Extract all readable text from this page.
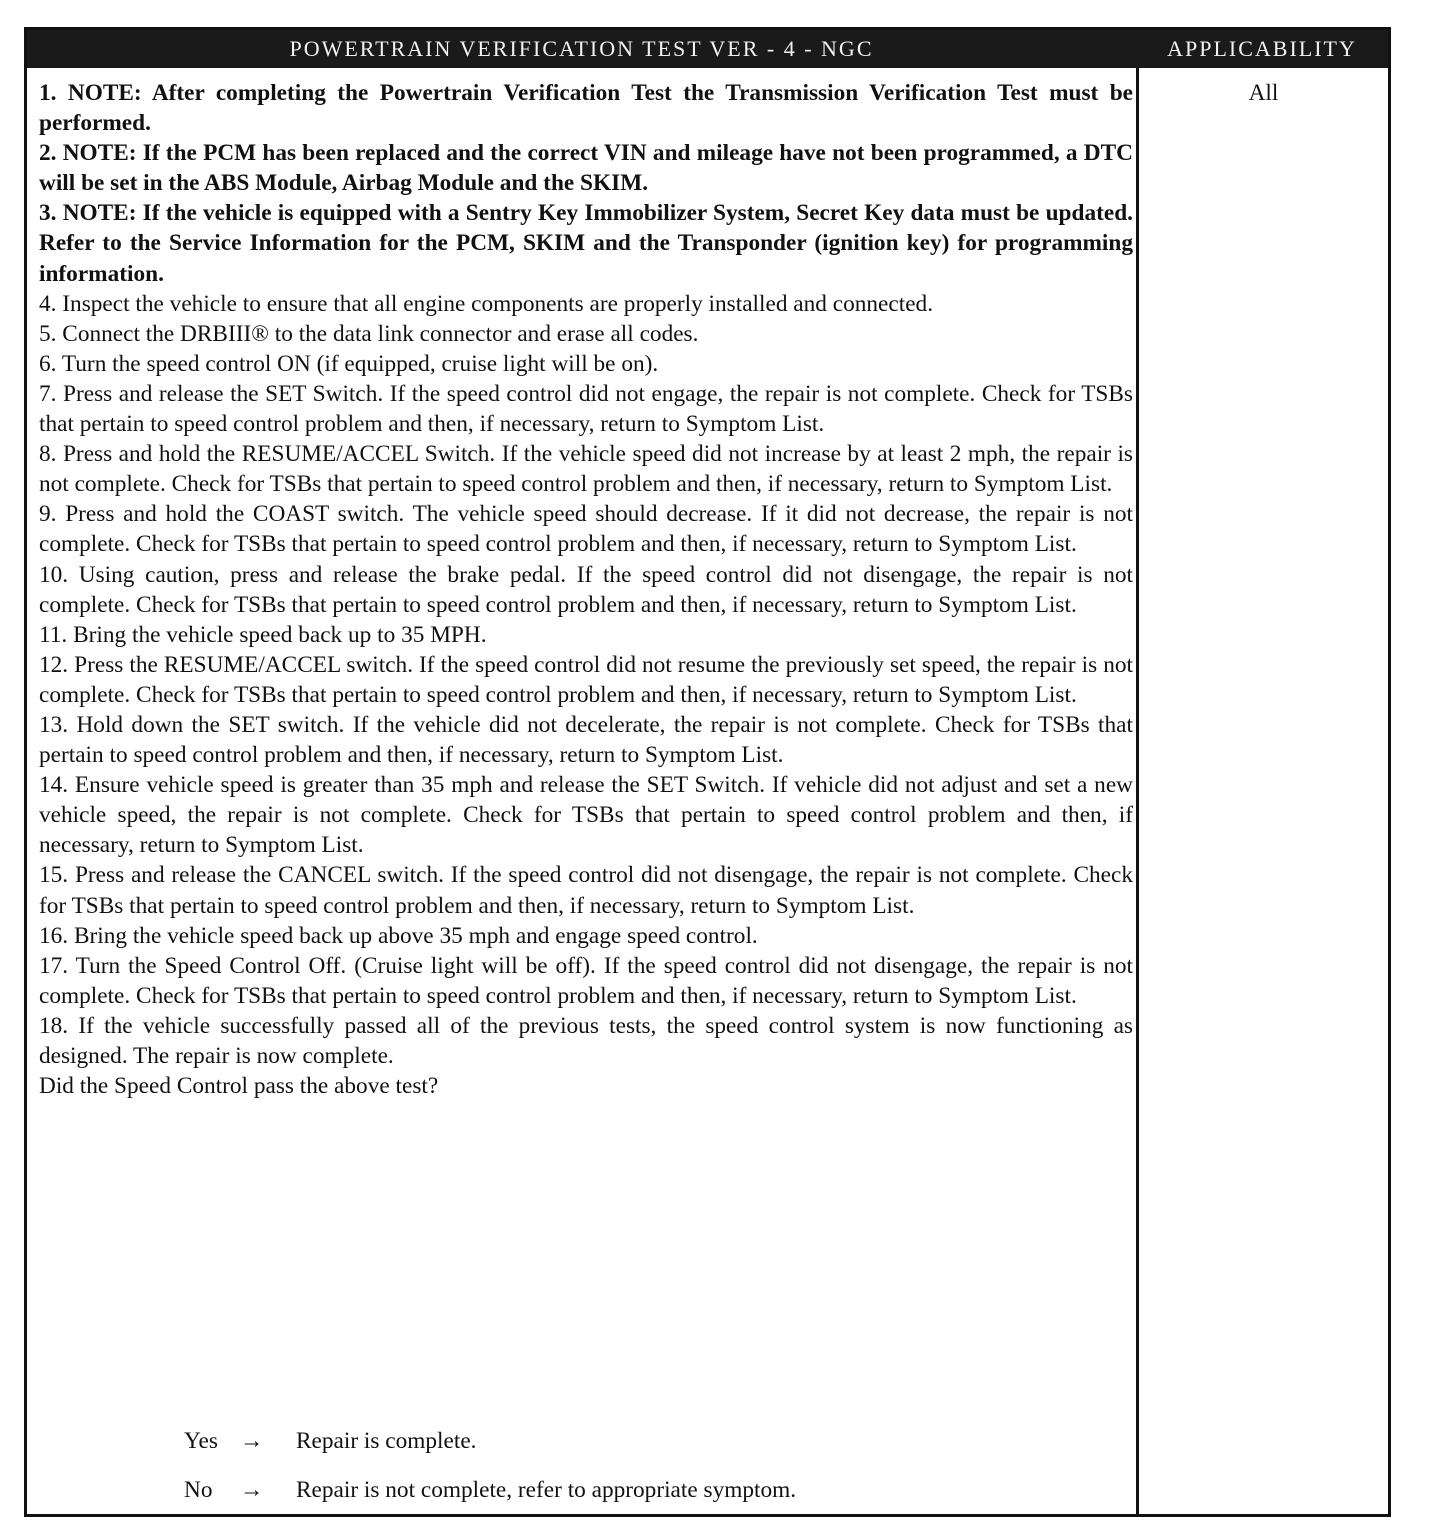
POWERTRAIN VERIFICATION TEST VER - 4 - NGC	APPLICABILITY

1. NOTE: After completing the Powertrain Verification Test the Transmission Verification Test must be performed.

2. NOTE: If the PCM has been replaced and the correct VIN and mileage have not been programmed, a DTC will be set in the ABS Module, Airbag Module and the SKIM.

3. NOTE: If the vehicle is equipped with a Sentry Key Immobilizer System, Secret Key data must be updated. Refer to the Service Information for the PCM, SKIM and the Transponder (ignition key) for programming information.

4. Inspect the vehicle to ensure that all engine components are properly installed and connected.

5. Connect the DRBIII® to the data link connector and erase all codes.

6. Turn the speed control ON (if equipped, cruise light will be on).

7. Press and release the SET Switch. If the speed control did not engage, the repair is not complete. Check for TSBs that pertain to speed control problem and then, if necessary, return to Symptom List.

8. Press and hold the RESUME/ACCEL Switch. If the vehicle speed did not increase by at least 2 mph, the repair is not complete. Check for TSBs that pertain to speed control problem and then, if necessary, return to Symptom List.

9. Press and hold the COAST switch. The vehicle speed should decrease. If it did not decrease, the repair is not complete. Check for TSBs that pertain to speed control problem and then, if necessary, return to Symptom List.

10. Using caution, press and release the brake pedal. If the speed control did not disengage, the repair is not complete. Check for TSBs that pertain to speed control problem and then, if necessary, return to Symptom List.

11. Bring the vehicle speed back up to 35 MPH.

12. Press the RESUME/ACCEL switch. If the speed control did not resume the previously set speed, the repair is not complete. Check for TSBs that pertain to speed control problem and then, if necessary, return to Symptom List.

13. Hold down the SET switch. If the vehicle did not decelerate, the repair is not complete. Check for TSBs that pertain to speed control problem and then, if necessary, return to Symptom List.

14. Ensure vehicle speed is greater than 35 mph and release the SET Switch. If vehicle did not adjust and set a new vehicle speed, the repair is not complete. Check for TSBs that pertain to speed control problem and then, if necessary, return to Symptom List.

15. Press and release the CANCEL switch. If the speed control did not disengage, the repair is not complete. Check for TSBs that pertain to speed control problem and then, if necessary, return to Symptom List.

16. Bring the vehicle speed back up above 35 mph and engage speed control.

17. Turn the Speed Control Off. (Cruise light will be off). If the speed control did not disengage, the repair is not complete. Check for TSBs that pertain to speed control problem and then, if necessary, return to Symptom List.

18. If the vehicle successfully passed all of the previous tests, the speed control system is now functioning as designed. The repair is now complete.

Did the Speed Control pass the above test?

All
Yes →	Repair is complete.
No	→	Repair is not complete, refer to appropriate symptom.
